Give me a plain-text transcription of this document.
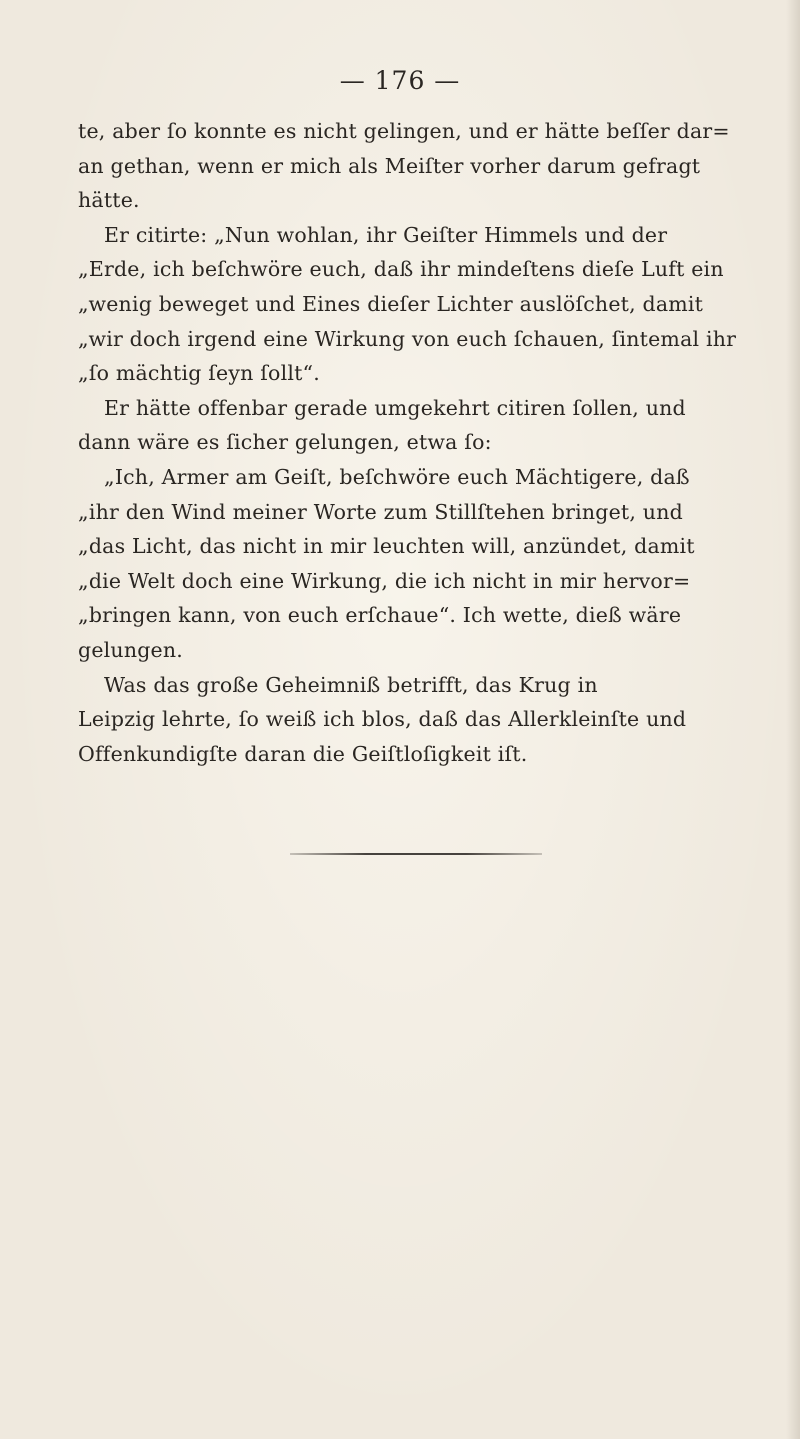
— 176 —
te, aber ſo konnte es nicht gelingen, und er hätte beſſer dar=
an gethan, wenn er mich als Meiſter vorher darum gefragt
hätte.
Er citirte: „Nun wohlan, ihr Geiſter Himmels und der
„Erde, ich beſchwöre euch, daß ihr mindeſtens dieſe Luft ein
„wenig beweget und Eines dieſer Lichter auslöſchet, damit
„wir doch irgend eine Wirkung von euch ſchauen, ſintemal ihr
„ſo mächtig ſeyn ſollt“.
Er hätte offenbar gerade umgekehrt citiren ſollen, und
dann wäre es ſicher gelungen, etwa ſo:
„Ich, Armer am Geiſt, beſchwöre euch Mächtigere, daß
„ihr den Wind meiner Worte zum Stillſtehen bringet, und
„das Licht, das nicht in mir leuchten will, anzündet, damit
„die Welt doch eine Wirkung, die ich nicht in mir hervor=
„bringen kann, von euch erſchaue“. Ich wette, dieß wäre
gelungen.
Was das große Geheimniß betrifft, das Krug in
Leipzig lehrte, ſo weiß ich blos, daß das Allerkleinſte und
Offenkundigſte daran die Geiſtloſigkeit iſt.
